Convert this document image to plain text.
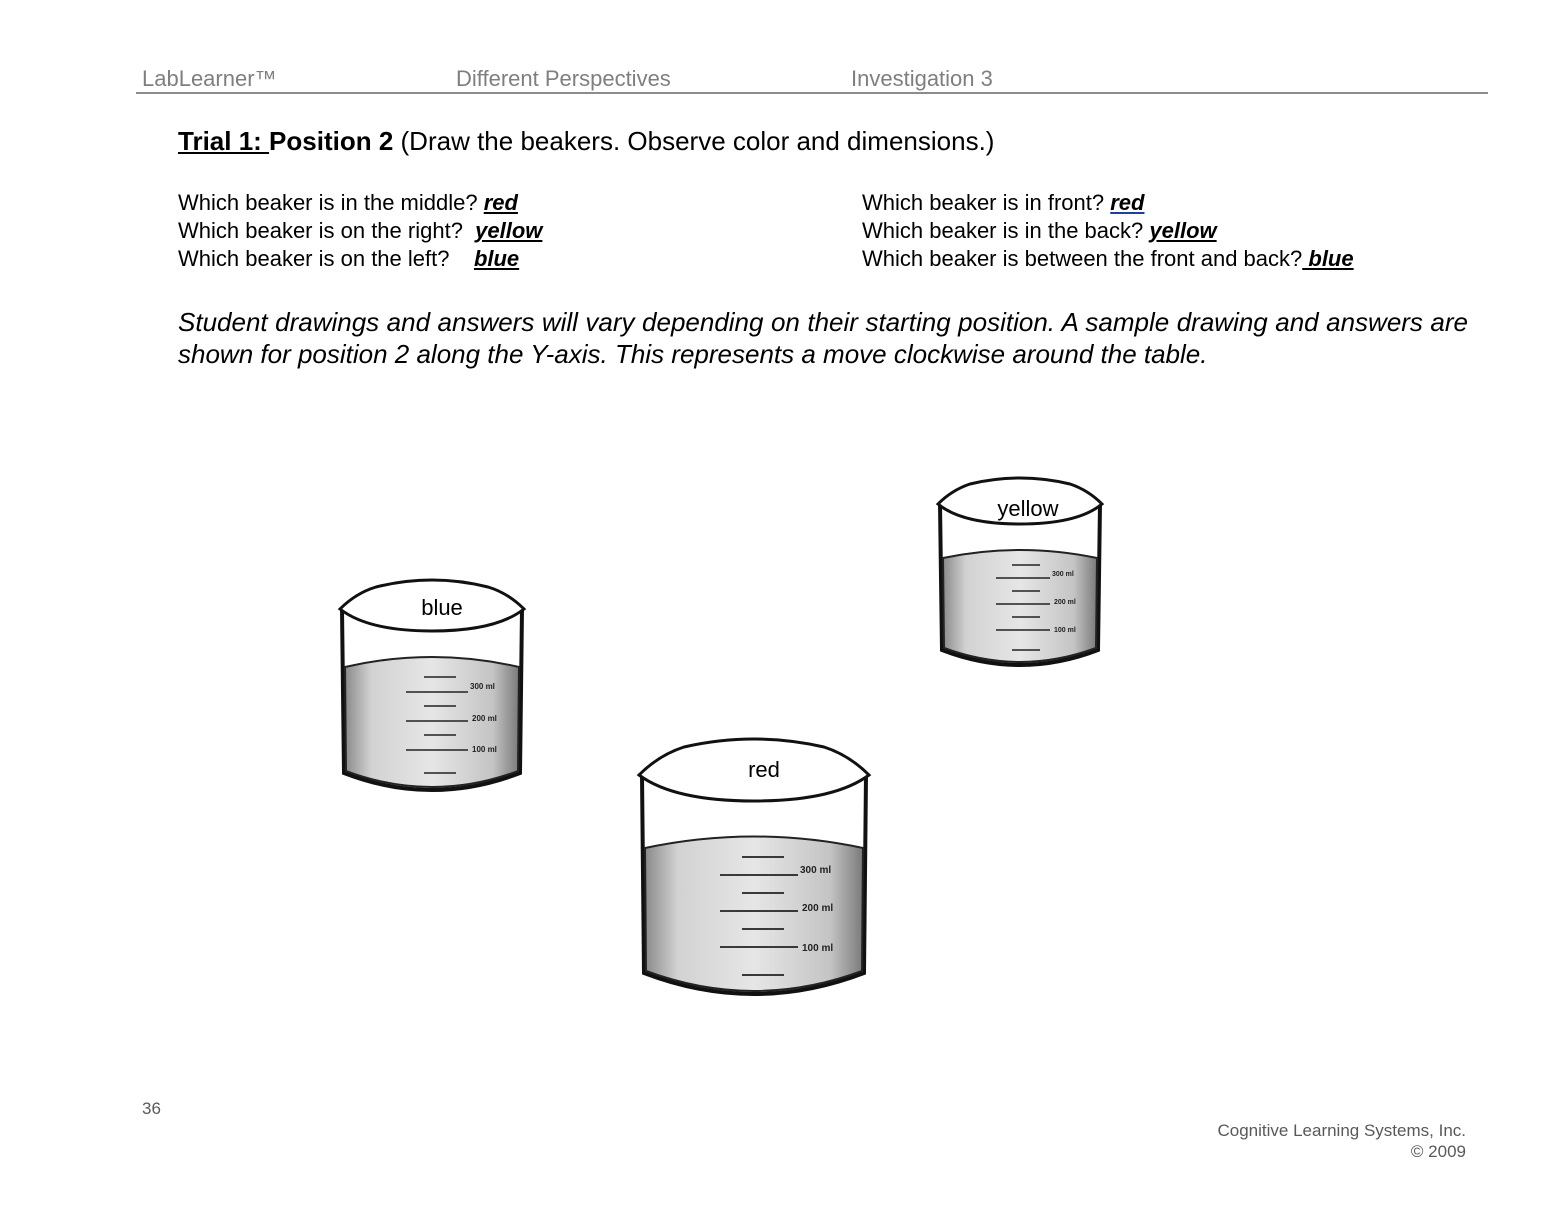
LabLearner™	Different Perspectives	Investigation 3
Trial 1: Position 2 (Draw the beakers. Observe color and dimensions.)
Which beaker is in the middle? red
Which beaker is on the right?  yellow
Which beaker is on the left?    blue
Which beaker is in front? red
Which beaker is in the back? yellow
Which beaker is between the front and back? blue
Student drawings and answers will vary depending on their starting position. A sample drawing and answers are shown for position 2 along the Y-axis. This represents a move clockwise around the table.
300 ml
200 ml
100 ml
blue
300 ml
200 ml
100 ml
red
300 ml
200 ml
100 ml
yellow
36
Cognitive Learning Systems, Inc.
© 2009
